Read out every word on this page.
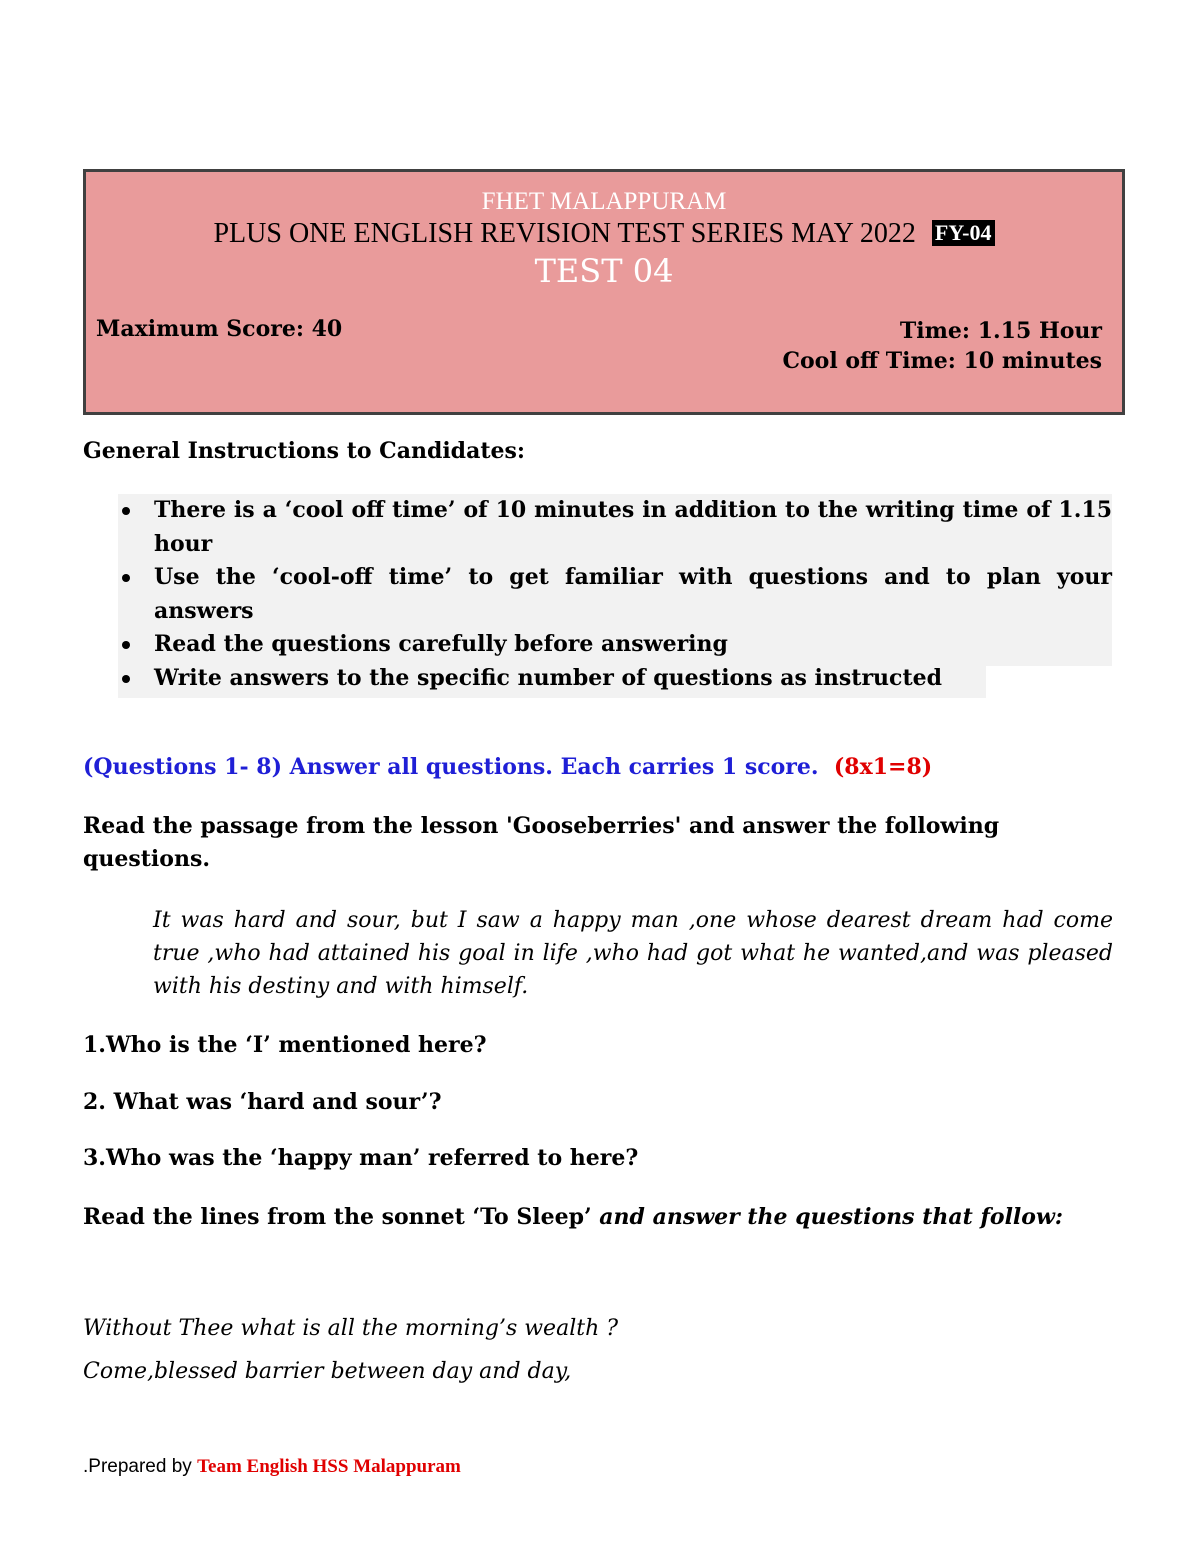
FHET MALAPPURAM
PLUS ONE ENGLISH REVISION TEST SERIES MAY 2022 FY-04
TEST 04
Maximum Score: 40	Time: 1.15 Hour
Cool off Time: 10 minutes
General Instructions to Candidates:
There is a ‘cool off time’ of 10 minutes in addition to the writing time of 1.15 hour
Use the ‘cool-off time’ to get familiar with questions and to plan your answers
Read the questions carefully before answering
Write answers to the specific number of questions as instructed
(Questions 1- 8) Answer all questions. Each carries 1 score. (8x1=8)
Read the passage from the lesson 'Gooseberries' and answer the following questions.
It was hard and sour, but I saw a happy man ,one whose dearest dream had come true ,who had attained his goal in life ,who had got what he wanted,and was pleased with his destiny and with himself.
1.Who is the ‘I’ mentioned here?
2. What was ‘hard and sour’?
3.Who was the ‘happy man’ referred to here?
Read the lines from the sonnet ‘To Sleep’ and answer the questions that follow:
Without Thee what is all the morning’s wealth ?
Come,blessed barrier between day and day,
.Prepared by Team English HSS Malappuram
